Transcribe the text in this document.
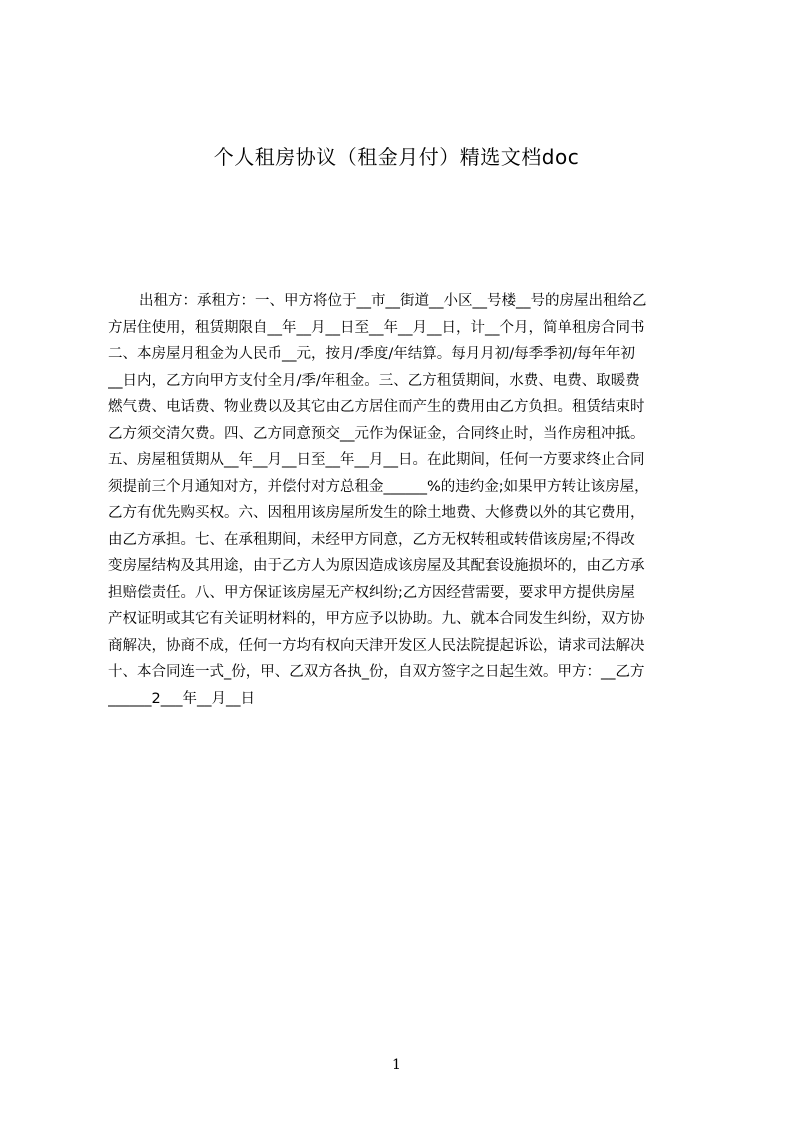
个人租房协议（租金月付）精选文档doc
出租方：承租方：一、甲方将位于__市__街道__小区__号楼__号的房屋出租给乙
方居住使用，租赁期限自__年__月__日至__年__月__日，计__个月，简单租房合同书
二、本房屋月租金为人民币__元，按月/季度/年结算。每月月初/每季季初/每年年初
__日内，乙方向甲方支付全月/季/年租金。三、乙方租赁期间，水费、电费、取暖费
燃气费、电话费、物业费以及其它由乙方居住而产生的费用由乙方负担。租赁结束时
乙方须交清欠费。四、乙方同意预交__元作为保证金，合同终止时，当作房租冲抵。
五、房屋租赁期从__年__月__日至__年__月__日。在此期间，任何一方要求终止合同
须提前三个月通知对方，并偿付对方总租金______%的违约金;如果甲方转让该房屋，
乙方有优先购买权。六、因租用该房屋所发生的除土地费、大修费以外的其它费用，
由乙方承担。七、在承租期间，未经甲方同意，乙方无权转租或转借该房屋;不得改
变房屋结构及其用途，由于乙方人为原因造成该房屋及其配套设施损坏的，由乙方承
担赔偿责任。八、甲方保证该房屋无产权纠纷;乙方因经营需要，要求甲方提供房屋
产权证明或其它有关证明材料的，甲方应予以协助。九、就本合同发生纠纷，双方协
商解决，协商不成，任何一方均有权向天津开发区人民法院提起诉讼，请求司法解决
十、本合同连一式_份，甲、乙双方各执_份，自双方签字之日起生效。甲方：__乙方
______2___年__月__日
1
